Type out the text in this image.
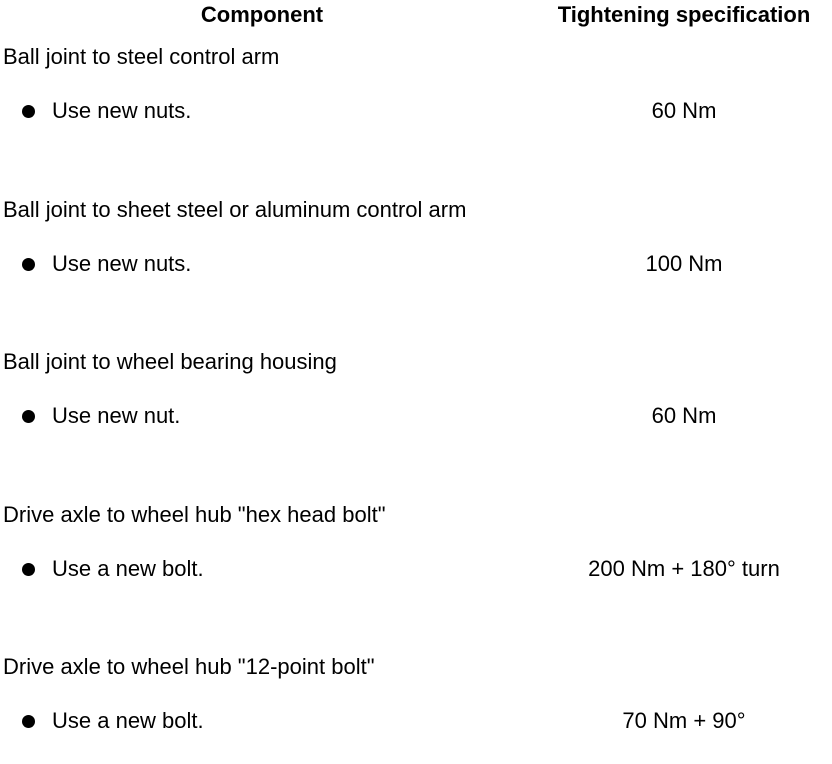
Component	Tightening specification
Ball joint to steel control arm
Use new nuts.	60 Nm
Ball joint to sheet steel or aluminum control arm
Use new nuts.	100 Nm
Ball joint to wheel bearing housing
Use new nut.	60 Nm
Drive axle to wheel hub "hex head bolt"
Use a new bolt.	200 Nm + 180° turn
Drive axle to wheel hub "12-point bolt"
Use a new bolt.	70 Nm + 90°
